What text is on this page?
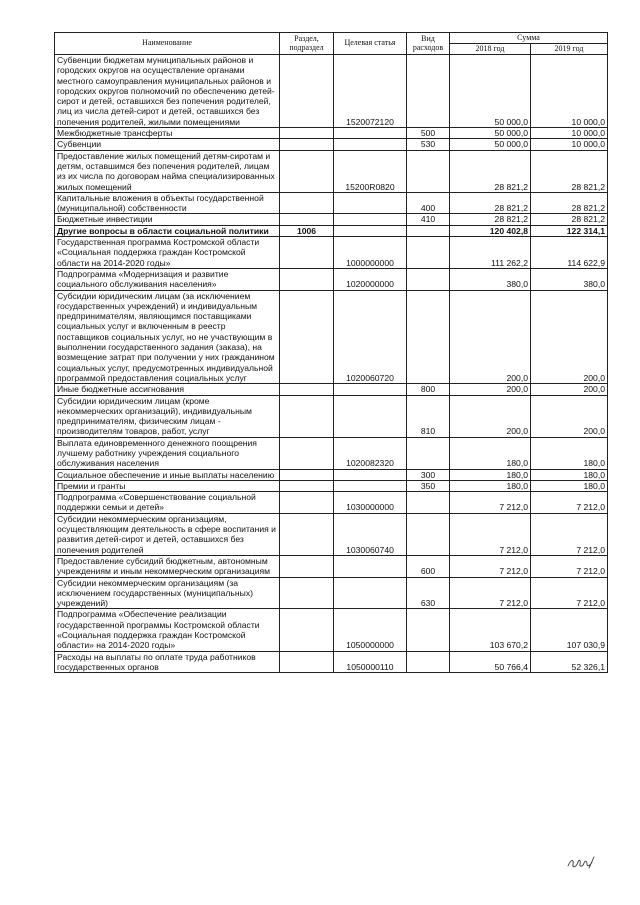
Наименование	Раздел, подраздел	Целевая статья	Вид расходов	Сумма	
				2018 год	2019 год
Субвенции бюджетам муниципальных районов и городских округов на осуществление органами местного самоуправления муниципальных районов и городских округов полномочий по обеспечению детей-сирот и детей, оставшихся без попечения родителей, лиц из числа детей-сирот и детей, оставшихся без попечения родителей, жилыми помещениями		1520072120		50 000,0	10 000,0
Межбюджетные трансферты			500	50 000,0	10 000,0
Субвенции			530	50 000,0	10 000,0
Предоставление жилых помещений детям-сиротам и детям, оставшимся без попечения родителей, лицам из их числа по договорам найма специализированных жилых помещений		15200R0820		28 821,2	28 821,2
Капитальные вложения в объекты государственной (муниципальной) собственности			400	28 821,2	28 821,2
Бюджетные инвестиции			410	28 821,2	28 821,2
Другие вопросы в области социальной политики	1006			120 402,8	122 314,1
Государственная программа Костромской области «Социальная поддержка граждан Костромской области на 2014-2020 годы»		1000000000		111 262,2	114 622,9
Подпрограмма «Модернизация и развитие социального обслуживания населения»		1020000000		380,0	380,0
Субсидии юридическим лицам (за исключением государственных учреждений) и индивидуальным предпринимателям, являющимся поставщиками социальных услуг и включенным в реестр поставщиков социальных услуг, но не участвующим в выполнении государственного задания (заказа), на возмещение затрат при получении у них гражданином социальных услуг, предусмотренных индивидуальной программой предоставления социальных услуг		1020060720		200,0	200,0
Иные бюджетные ассигнования			800	200,0	200,0
Субсидии юридическим лицам (кроме некоммерческих организаций), индивидуальным предпринимателям, физическим лицам - производителям товаров, работ, услуг			810	200,0	200,0
Выплата единовременного денежного поощрения лучшему работнику учреждения социального обслуживания населения		1020082320		180,0	180,0
Социальное обеспечение и иные выплаты населению			300	180,0	180,0
Премии и гранты			350	180,0	180,0
Подпрограмма «Совершенствование социальной поддержки семьи и детей»		1030000000		7 212,0	7 212,0
Субсидии некоммерческим организациям, осуществляющим деятельность в сфере воспитания и развития детей-сирот и детей, оставшихся без попечения родителей		1030060740		7 212,0	7 212,0
Предоставление субсидий бюджетным, автономным учреждениям и иным некоммерческим организациям			600	7 212,0	7 212,0
Субсидии некоммерческим организациям (за исключением государственных (муниципальных) учреждений)			630	7 212,0	7 212,0
Подпрограмма «Обеспечение реализации государственной программы Костромской области «Социальная поддержка граждан Костромской области» на 2014-2020 годы»		1050000000		103 670,2	107 030,9
Расходы на выплаты по оплате труда работников государственных органов		1050000110		50 766,4	52 326,1
